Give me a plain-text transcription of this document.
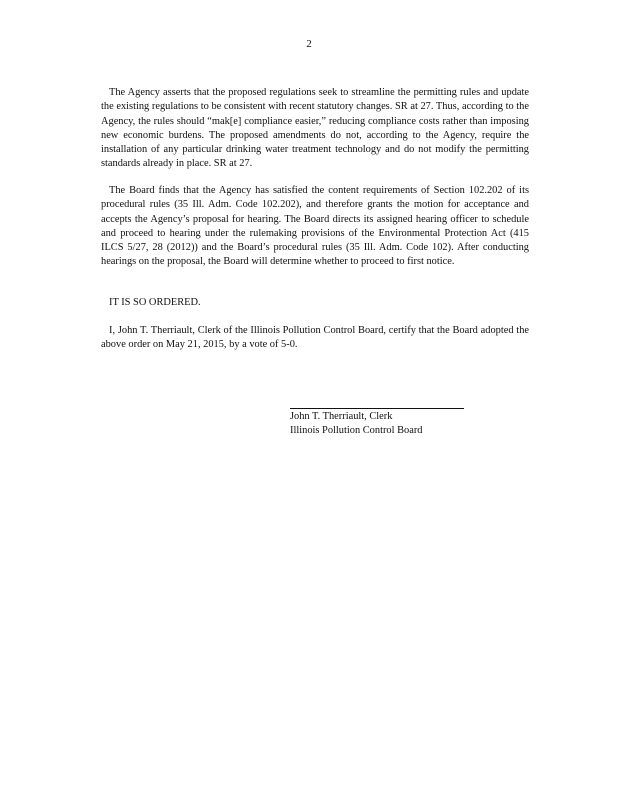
2

The Agency asserts that the proposed regulations seek to streamline the permitting rules and update the existing regulations to be consistent with recent statutory changes. SR at 27. Thus, according to the Agency, the rules should “mak[e] compliance easier,” reducing compliance costs rather than imposing new economic burdens. The proposed amendments do not, according to the Agency, require the installation of any particular drinking water treatment technology and do not modify the permitting standards already in place. SR at 27.

The Board finds that the Agency has satisfied the content requirements of Section 102.202 of its procedural rules (35 Ill. Adm. Code 102.202), and therefore grants the motion for acceptance and accepts the Agency’s proposal for hearing. The Board directs its assigned hearing officer to schedule and proceed to hearing under the rulemaking provisions of the Environmental Protection Act (415 ILCS 5/27, 28 (2012)) and the Board’s procedural rules (35 Ill. Adm. Code 102). After conducting hearings on the proposal, the Board will determine whether to proceed to first notice.

IT IS SO ORDERED.

I, John T. Therriault, Clerk of the Illinois Pollution Control Board, certify that the Board adopted the above order on May 21, 2015, by a vote of 5-0.

John T. Therriault, Clerk
Illinois Pollution Control Board
